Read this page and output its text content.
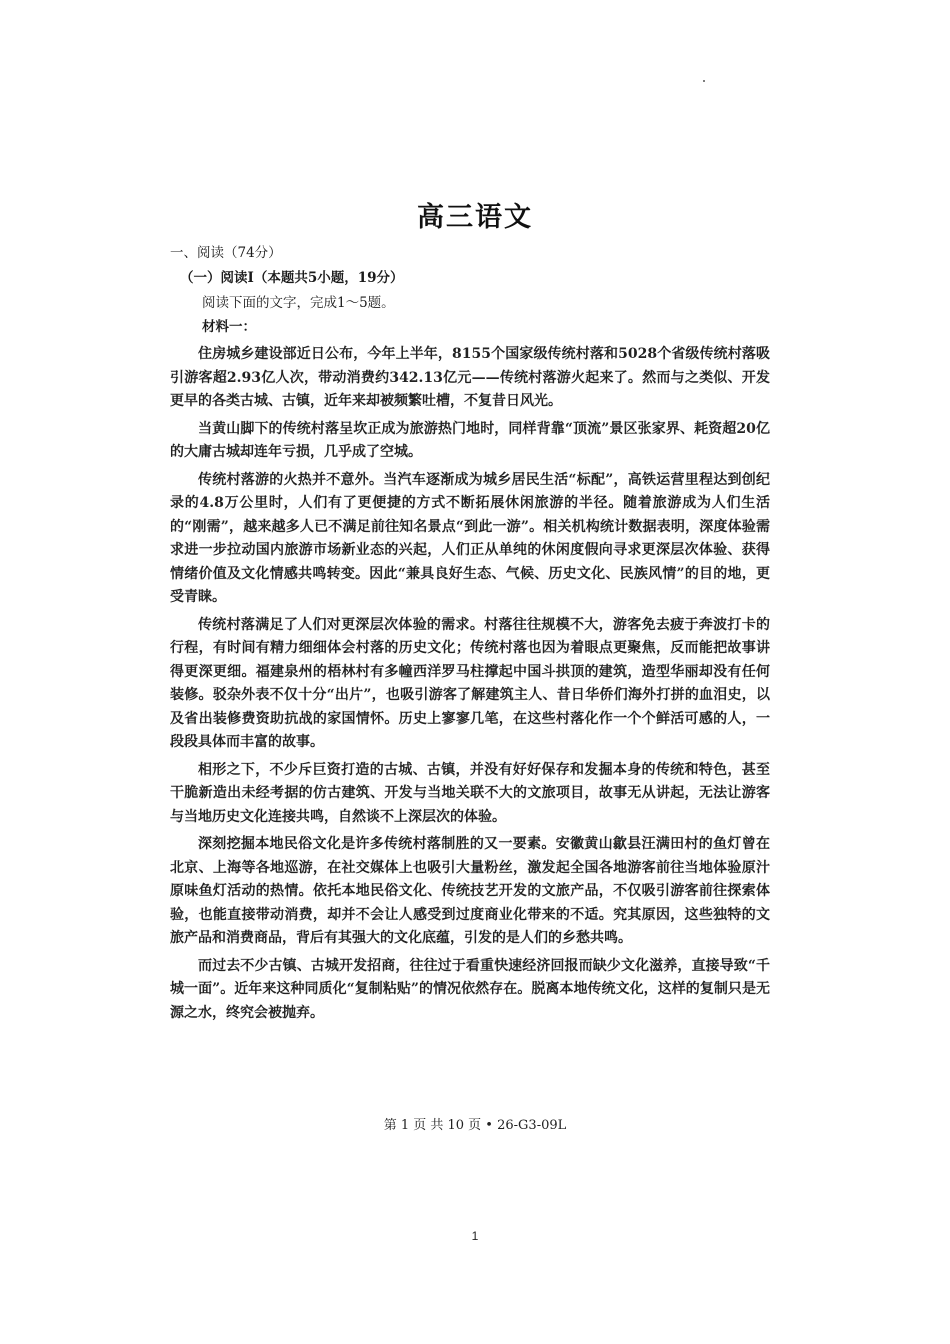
高三语文
一、阅读（74分）
（一）阅读Ⅰ（本题共5小题，19分）
阅读下面的文字，完成1～5题。
材料一：

住房城乡建设部近日公布，今年上半年，8155个国家级传统村落和5028个省级传统村落吸引游客超2.93亿人次，带动消费约342.13亿元——传统村落游火起来了。然而与之类似、开发更早的各类古城、古镇，近年来却被频繁吐槽，不复昔日风光。

当黄山脚下的传统村落呈坎正成为旅游热门地时，同样背靠“顶流”景区张家界、耗资超20亿的大庸古城却连年亏损，几乎成了空城。

传统村落游的火热并不意外。当汽车逐渐成为城乡居民生活“标配”，高铁运营里程达到创纪录的4.8万公里时，人们有了更便捷的方式不断拓展休闲旅游的半径。随着旅游成为人们生活的“刚需”，越来越多人已不满足前往知名景点“到此一游”。相关机构统计数据表明，深度体验需求进一步拉动国内旅游市场新业态的兴起，人们正从单纯的休闲度假向寻求更深层次体验、获得情绪价值及文化情感共鸣转变。因此“兼具良好生态、气候、历史文化、民族风情”的目的地，更受青睐。

传统村落满足了人们对更深层次体验的需求。村落往往规模不大，游客免去疲于奔波打卡的行程，有时间有精力细细体会村落的历史文化；传统村落也因为着眼点更聚焦，反而能把故事讲得更深更细。福建泉州的梧林村有多幢西洋罗马柱撑起中国斗拱顶的建筑，造型华丽却没有任何装修。驳杂外表不仅十分“出片”，也吸引游客了解建筑主人、昔日华侨们海外打拼的血泪史，以及省出装修费资助抗战的家国情怀。历史上寥寥几笔，在这些村落化作一个个鲜活可感的人，一段段具体而丰富的故事。

相形之下，不少斥巨资打造的古城、古镇，并没有好好保存和发掘本身的传统和特色，甚至干脆新造出未经考据的仿古建筑、开发与当地关联不大的文旅项目，故事无从讲起，无法让游客与当地历史文化连接共鸣，自然谈不上深层次的体验。

深刻挖掘本地民俗文化是许多传统村落制胜的又一要素。安徽黄山歙县汪满田村的鱼灯曾在北京、上海等各地巡游，在社交媒体上也吸引大量粉丝，激发起全国各地游客前往当地体验原汁原味鱼灯活动的热情。依托本地民俗文化、传统技艺开发的文旅产品，不仅吸引游客前往探索体验，也能直接带动消费，却并不会让人感受到过度商业化带来的不适。究其原因，这些独特的文旅产品和消费商品，背后有其强大的文化底蕴，引发的是人们的乡愁共鸣。

而过去不少古镇、古城开发招商，往往过于看重快速经济回报而缺少文化滋养，直接导致“千城一面”。近年来这种同质化“复制粘贴”的情况依然存在。脱离本地传统文化，这样的复制只是无源之水，终究会被抛弃。

第 1 页 共 10 页 • 26-G3-09L
1
